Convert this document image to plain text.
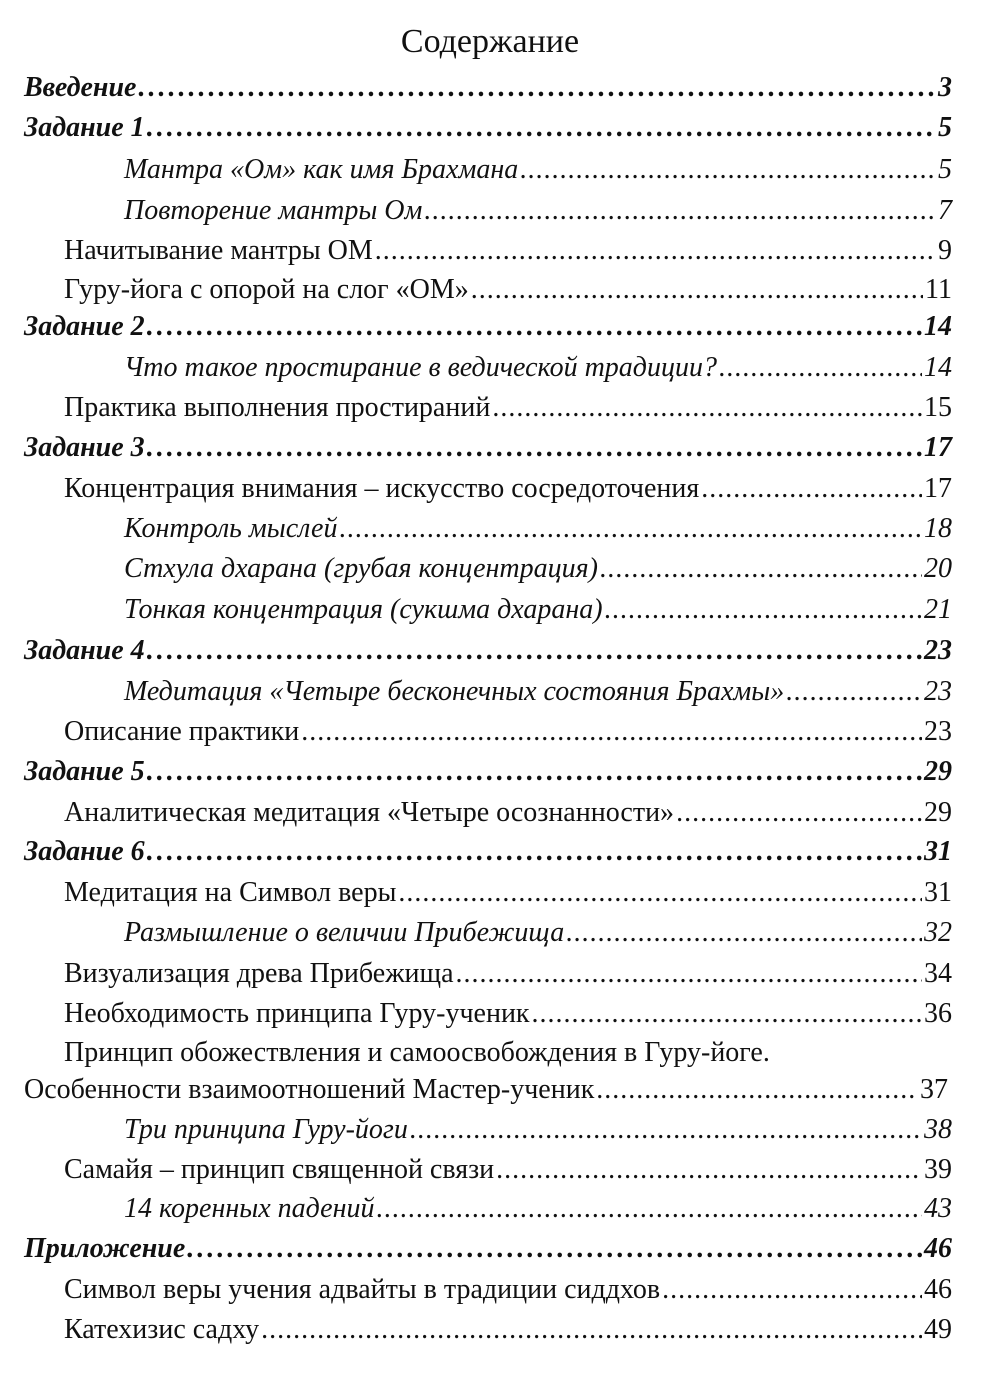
Содержание
Введение . . .	3
Задание 1 . . .	5
Мантра «Ом» как имя Брахмана . . .	5
Повторение мантры Ом . . .	7
Начитывание мантры ОМ . . .	9
Гуру-йога с опорой на слог «ОМ» . . .	11
Задание 2 . . .	14
Что такое простирание в ведической традиции? . . .	14
Практика выполнения простираний . . .	15
Задание 3 . . .	17
Концентрация внимания – искусство сосредоточения . . .	17
Контроль мыслей . . .	18
Стхула дхарана (грубая концентрация) . . .	20
Тонкая концентрация (сукшма дхарана) . . .	21
Задание 4 . . .	23
Медитация «Четыре бесконечных состояния Брахмы» . . .	23
Описание практики . . .	23
Задание 5 . . .	29
Аналитическая медитация «Четыре осознанности» . . .	29
Задание 6 . . .	31
Медитация на Символ веры . . .	31
Размышление о величии Прибежища . . .	32
Визуализация древа Прибежища . . .	34
Необходимость принципа Гуру-ученик . . .	36
Принцип обожествления и самоосвобождения в Гуру-йоге.
Особенности взаимоотношений Мастер-ученик . . .	37
Три принципа Гуру-йоги . . .	38
Самайя – принцип священной связи . . .	39
14 коренных падений . . .	43
Приложение . . .	46
Символ веры учения адвайты в традиции сиддхов . . .	46
Катехизис садху . . .	49
